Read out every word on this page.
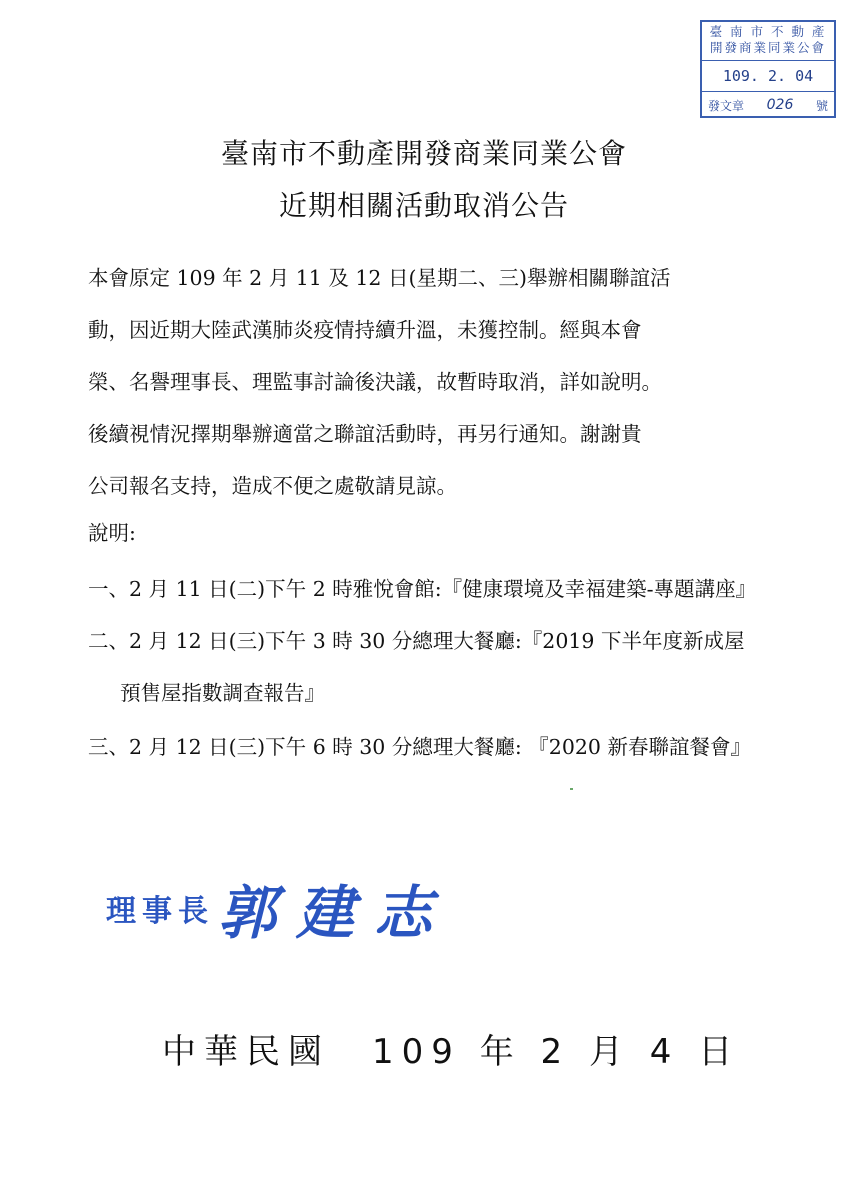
臺 南 市 不 動 產
開發商業同業公會
109. 2. 04
發文章 026 號
臺南市不動產開發商業同業公會
近期相關活動取消公告
本會原定 109 年 2 月 11 及 12 日(星期二、三)舉辦相關聯誼活
動，因近期大陸武漢肺炎疫情持續升溫，未獲控制。經與本會
榮、名譽理事長、理監事討論後決議，故暫時取消，詳如說明。
後續視情況擇期舉辦適當之聯誼活動時，再另行通知。謝謝貴
公司報名支持，造成不便之處敬請見諒。
說明:
一、2 月 11 日(二)下午 2 時雅悅會館:『健康環境及幸福建築-專題講座』
二、2 月 12 日(三)下午 3 時 30 分總理大餐廳:『2019 下半年度新成屋
預售屋指數調查報告』
三、2 月 12 日(三)下午 6 時 30 分總理大餐廳: 『2020 新春聯誼餐會』
理事長 郭建志
中華民國　109 年 2 月 4 日
